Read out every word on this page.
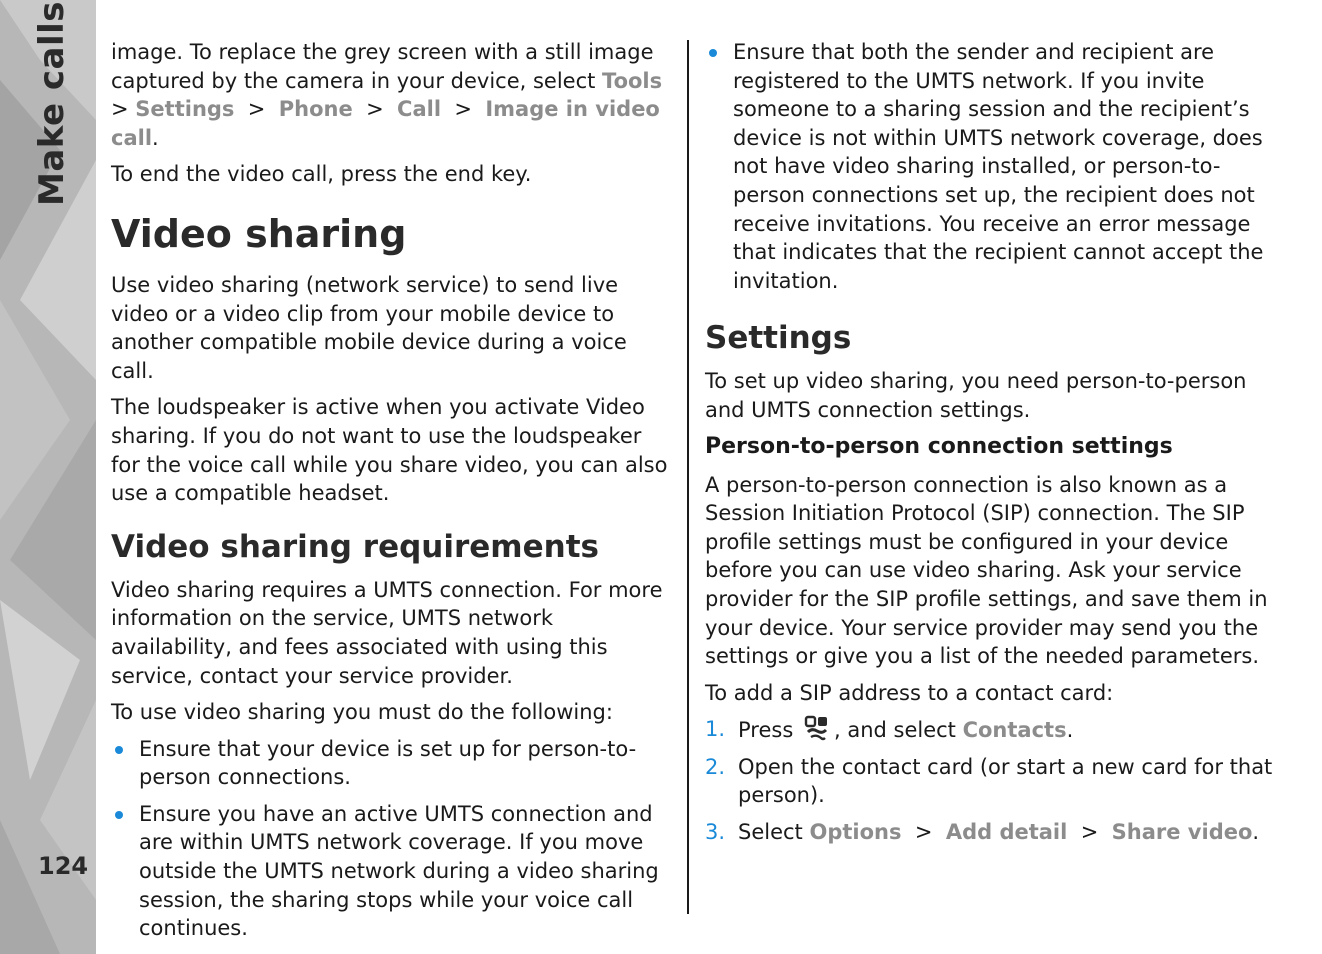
Make calls
124

image. To replace the grey screen with a still image captured by the camera in your device, select Tools  > Settings > Phone > Call > Image in video call.

To end the video call, press the end key.

Video sharing

Use video sharing (network service) to send live video or a video clip from your mobile device to another compatible mobile device during a voice call.

The loudspeaker is active when you activate Video sharing. If you do not want to use the loudspeaker for the voice call while you share video, you can also use a compatible headset.

Video sharing requirements

Video sharing requires a UMTS connection. For more information on the service, UMTS network availability, and fees associated with using this service, contact your service provider.

To use video sharing you must do the following:

Ensure that your device is set up for person-to-person connections.
Ensure you have an active UMTS connection and are within UMTS network coverage. If you move outside the UMTS network during a video sharing session, the sharing stops while your voice call continues.
Ensure that both the sender and recipient are registered to the UMTS network. If you invite someone to a sharing session and the recipient’s device is not within UMTS network coverage, does not have video sharing installed, or person-to-person connections set up, the recipient does not receive invitations. You receive an error message that indicates that the recipient cannot accept the invitation.
Settings

To set up video sharing, you need person-to-person and UMTS connection settings.

Person-to-person connection settings

A person-to-person connection is also known as a Session Initiation Protocol (SIP) connection. The SIP profile settings must be configured in your device before you can use video sharing. Ask your service provider for the SIP profile settings, and save them in your device. Your service provider may send you the settings or give you a list of the needed parameters.

To add a SIP address to a contact card:

1. Press , and select Contacts.
2. Open the contact card (or start a new card for that person).
3. Select Options > Add detail > Share video.
